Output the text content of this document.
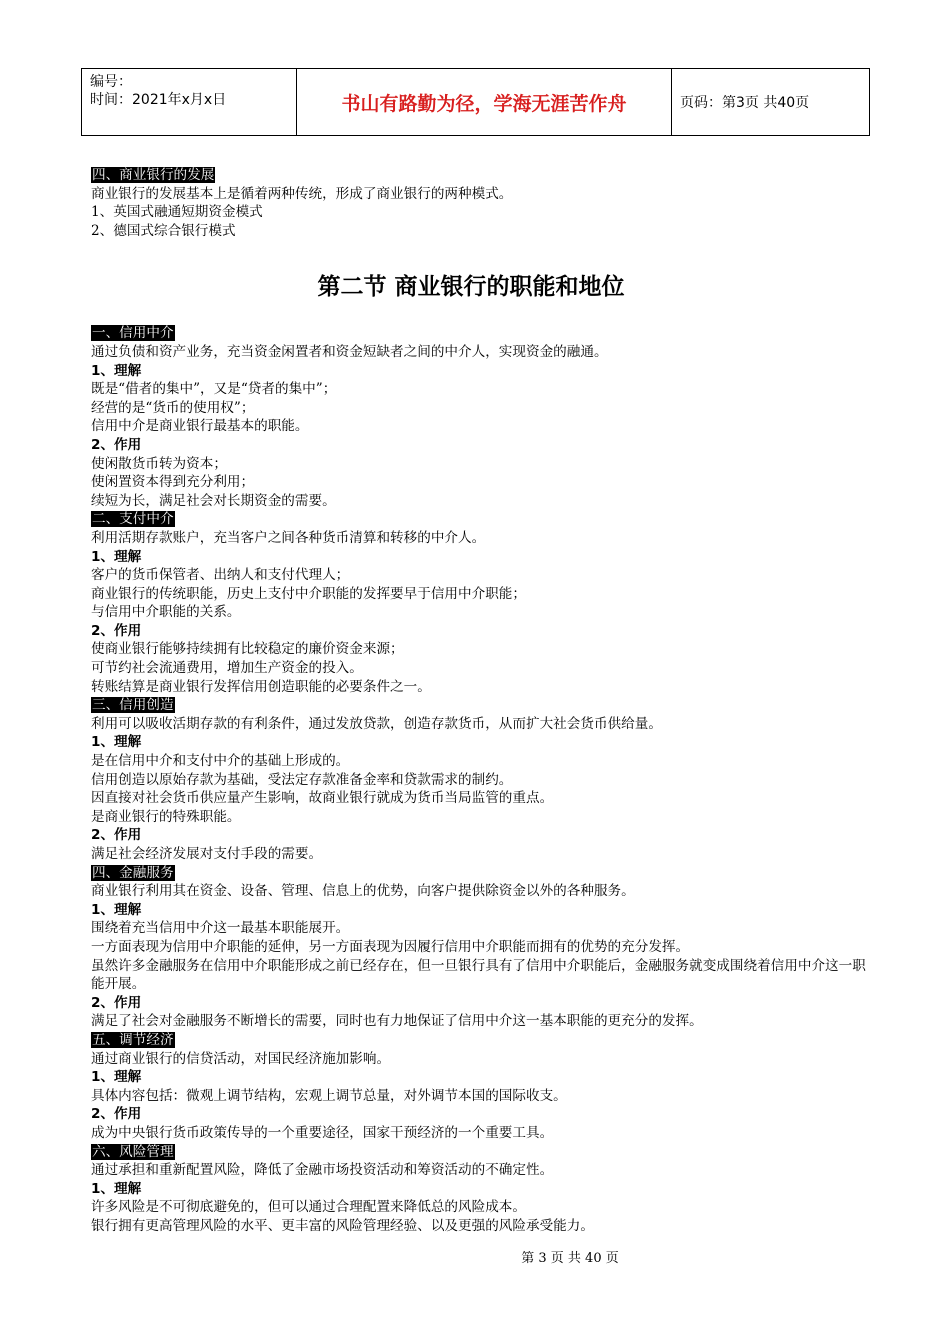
编号：
时间：2021年x月x日	书山有路勤为径，学海无涯苦作舟	页码：第3页 共40页
四、商业银行的发展
商业银行的发展基本上是循着两种传统，形成了商业银行的两种模式。
1、英国式融通短期资金模式
2、德国式综合银行模式
第二节 商业银行的职能和地位
一、信用中介
通过负债和资产业务，充当资金闲置者和资金短缺者之间的中介人，实现资金的融通。
1、理解
既是“借者的集中”，又是“贷者的集中”；
经营的是“货币的使用权”；
信用中介是商业银行最基本的职能。
2、作用
使闲散货币转为资本；
使闲置资本得到充分利用；
续短为长，满足社会对长期资金的需要。
二、支付中介
利用活期存款账户，充当客户之间各种货币清算和转移的中介人。
1、理解
客户的货币保管者、出纳人和支付代理人；
商业银行的传统职能，历史上支付中介职能的发挥要早于信用中介职能；
与信用中介职能的关系。
2、作用
使商业银行能够持续拥有比较稳定的廉价资金来源；
可节约社会流通费用，增加生产资金的投入。
转账结算是商业银行发挥信用创造职能的必要条件之一。
三、信用创造
利用可以吸收活期存款的有利条件，通过发放贷款，创造存款货币，从而扩大社会货币供给量。
1、理解
是在信用中介和支付中介的基础上形成的。
信用创造以原始存款为基础，受法定存款准备金率和贷款需求的制约。
因直接对社会货币供应量产生影响，故商业银行就成为货币当局监管的重点。
是商业银行的特殊职能。
2、作用
满足社会经济发展对支付手段的需要。
四、金融服务
商业银行利用其在资金、设备、管理、信息上的优势，向客户提供除资金以外的各种服务。
1、理解
围绕着充当信用中介这一最基本职能展开。
一方面表现为信用中介职能的延伸，另一方面表现为因履行信用中介职能而拥有的优势的充分发挥。
虽然许多金融服务在信用中介职能形成之前已经存在，但一旦银行具有了信用中介职能后，金融服务就变成围绕着信用中介这一职能开展。
2、作用
满足了社会对金融服务不断增长的需要，同时也有力地保证了信用中介这一基本职能的更充分的发挥。
五、调节经济
通过商业银行的信贷活动，对国民经济施加影响。
1、理解
具体内容包括：微观上调节结构，宏观上调节总量，对外调节本国的国际收支。
2、作用
成为中央银行货币政策传导的一个重要途径，国家干预经济的一个重要工具。
六、风险管理
通过承担和重新配置风险，降低了金融市场投资活动和筹资活动的不确定性。
1、理解
许多风险是不可彻底避免的，但可以通过合理配置来降低总的风险成本。
银行拥有更高管理风险的水平、更丰富的风险管理经验、以及更强的风险承受能力。
第 3 页 共 40 页
